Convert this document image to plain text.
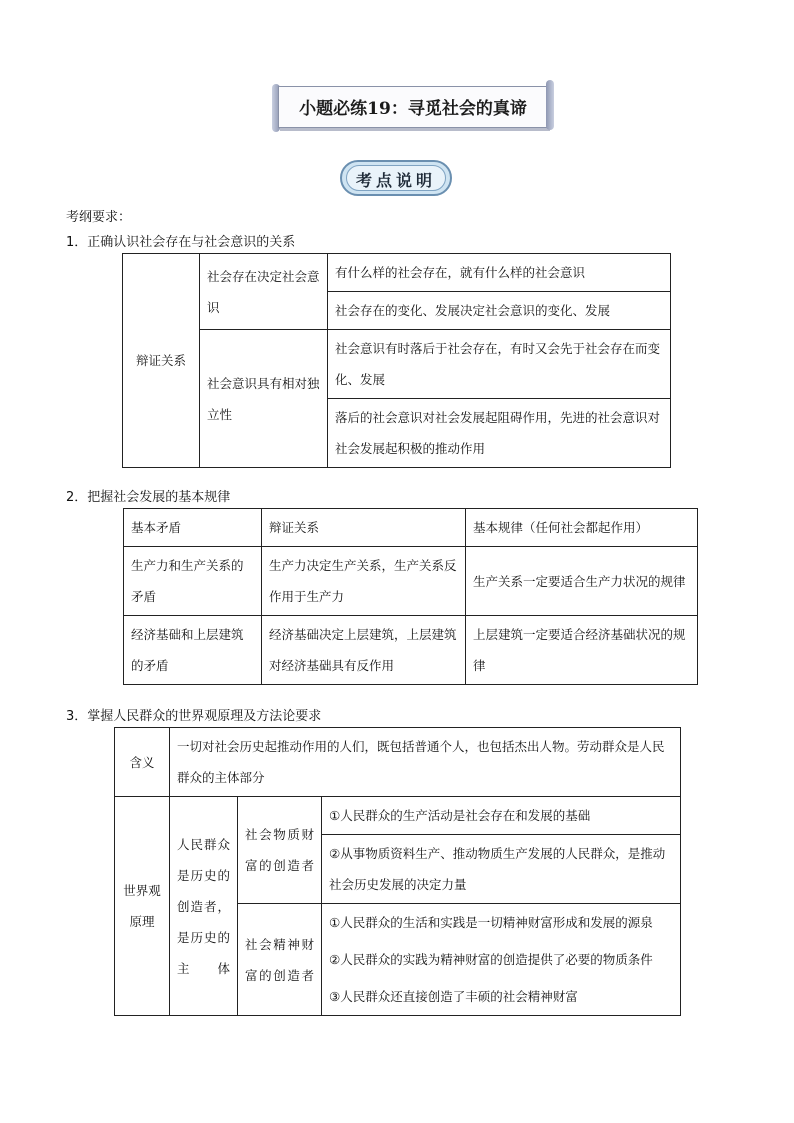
小题必练19：寻觅社会的真谛
考点说明
考纲要求：
1．正确认识社会存在与社会意识的关系
辩证关系	社会存在决定社会意识	有什么样的社会存在，就有什么样的社会意识
		社会存在的变化、发展决定社会意识的变化、发展
	社会意识具有相对独立性	社会意识有时落后于社会存在，有时又会先于社会存在而变化、发展
		落后的社会意识对社会发展起阻碍作用，先进的社会意识对社会发展起积极的推动作用
2．把握社会发展的基本规律
基本矛盾	辩证关系	基本规律（任何社会都起作用）
生产力和生产关系的矛盾	生产力决定生产关系，生产关系反作用于生产力	生产关系一定要适合生产力状况的规律
经济基础和上层建筑的矛盾	经济基础决定上层建筑，上层建筑对经济基础具有反作用	上层建筑一定要适合经济基础状况的规律
3．掌握人民群众的世界观原理及方法论要求
含义	一切对社会历史起推动作用的人们，既包括普通个人，也包括杰出人物。劳动群众是人民群众的主体部分		
世界观原理	人民群众是历史的创造者，是历史的主体	社会物质财富的创造者	①人民群众的生产活动是社会存在和发展的基础
			②从事物质资料生产、推动物质生产发展的人民群众，是推动社会历史发展的决定力量
		社会精神财富的创造者	①人民群众的生活和实践是一切精神财富形成和发展的源泉
			②人民群众的实践为精神财富的创造提供了必要的物质条件
			③人民群众还直接创造了丰硕的社会精神财富
